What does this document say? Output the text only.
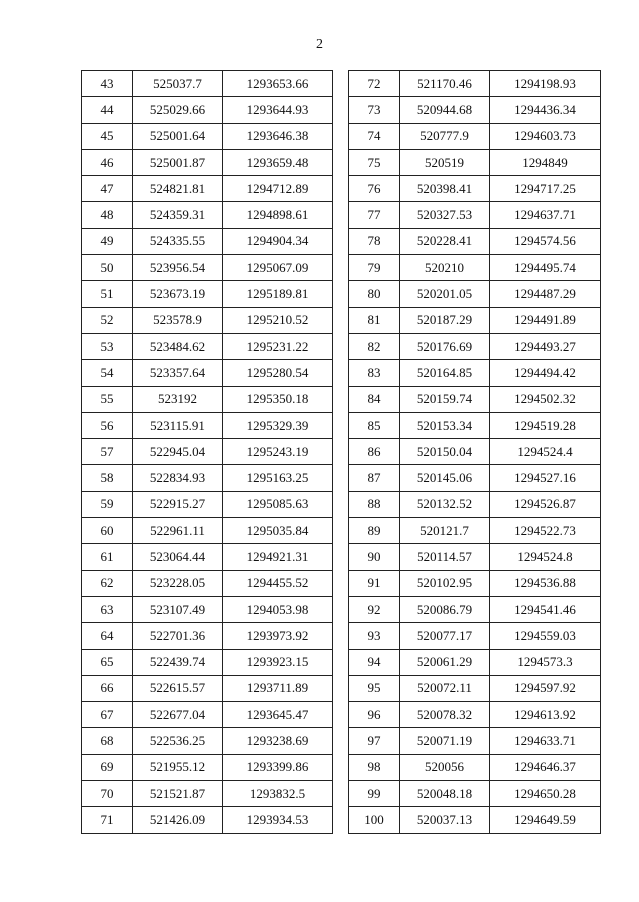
2
43	525037.7	1293653.66
44	525029.66	1293644.93
45	525001.64	1293646.38
46	525001.87	1293659.48
47	524821.81	1294712.89
48	524359.31	1294898.61
49	524335.55	1294904.34
50	523956.54	1295067.09
51	523673.19	1295189.81
52	523578.9	1295210.52
53	523484.62	1295231.22
54	523357.64	1295280.54
55	523192	1295350.18
56	523115.91	1295329.39
57	522945.04	1295243.19
58	522834.93	1295163.25
59	522915.27	1295085.63
60	522961.11	1295035.84
61	523064.44	1294921.31
62	523228.05	1294455.52
63	523107.49	1294053.98
64	522701.36	1293973.92
65	522439.74	1293923.15
66	522615.57	1293711.89
67	522677.04	1293645.47
68	522536.25	1293238.69
69	521955.12	1293399.86
70	521521.87	1293832.5
71	521426.09	1293934.53
72	521170.46	1294198.93
73	520944.68	1294436.34
74	520777.9	1294603.73
75	520519	1294849
76	520398.41	1294717.25
77	520327.53	1294637.71
78	520228.41	1294574.56
79	520210	1294495.74
80	520201.05	1294487.29
81	520187.29	1294491.89
82	520176.69	1294493.27
83	520164.85	1294494.42
84	520159.74	1294502.32
85	520153.34	1294519.28
86	520150.04	1294524.4
87	520145.06	1294527.16
88	520132.52	1294526.87
89	520121.7	1294522.73
90	520114.57	1294524.8
91	520102.95	1294536.88
92	520086.79	1294541.46
93	520077.17	1294559.03
94	520061.29	1294573.3
95	520072.11	1294597.92
96	520078.32	1294613.92
97	520071.19	1294633.71
98	520056	1294646.37
99	520048.18	1294650.28
100	520037.13	1294649.59
